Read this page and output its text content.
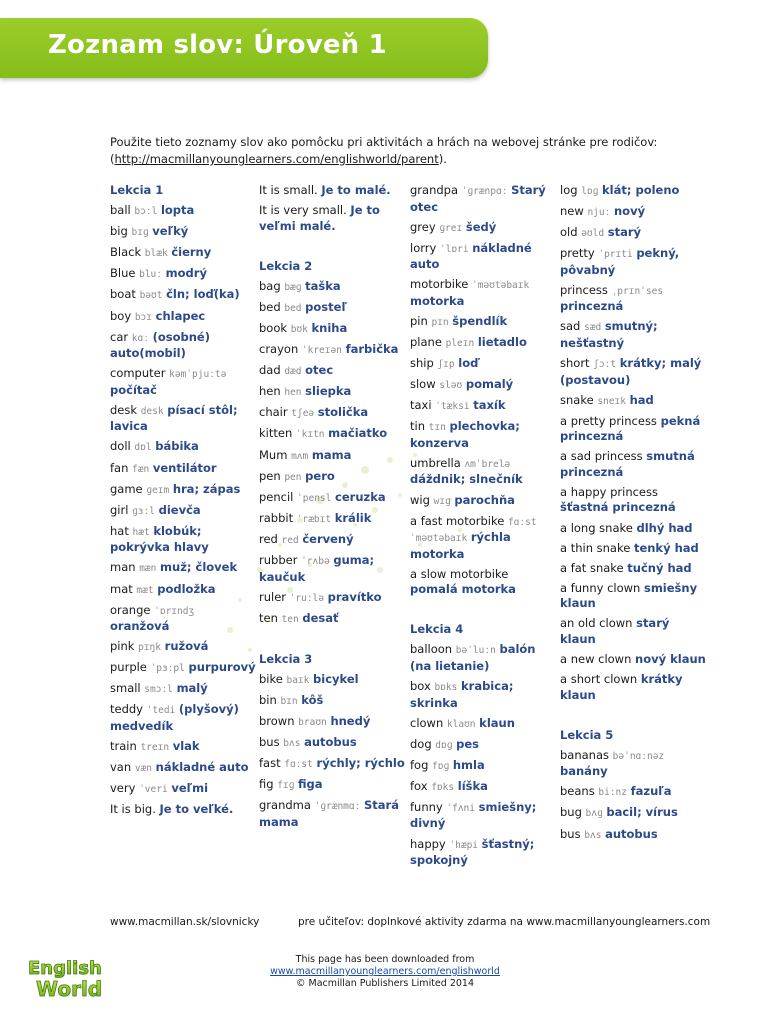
Zoznam slov: Úroveň 1
Použite tieto zoznamy slov ako pomôcku pri aktivitách a hrách na webovej stránke pre rodičov:
(http://macmillanyounglearners.com/englishworld/parent).
Lekcia 1
ball bɔːl lopta
big bɪɡ veľký
Black blæk čierny
Blue bluː modrý
boat bəʊt čln; loď(ka)
boy bɔɪ chlapec
car kɑː (osobné) auto(mobil)
computer kəmˈpjuːtə počítač
desk desk písací stôl; lavica
doll dɒl bábika
fan fæn ventilátor
game ɡeɪm hra; zápas
girl ɡɜːl dievča
hat hæt klobúk; pokrývka hlavy
man mæn muž; človek
mat mæt podložka
orange ˈɒrɪndʒ oranžová
pink pɪŋk ružová
purple ˈpɜːpl purpurový
small smɔːl malý
teddy ˈtedi (plyšový) medvedík
train treɪn vlak
van væn nákladné auto
very ˈveri veľmi
It is big. Je to veľké.
It is small. Je to malé.
It is very small. Je to veľmi malé.
Lekcia 2
bag bæɡ taška
bed bed posteľ
book bʊk kniha
crayon ˈkreɪən farbička
dad dæd otec
hen hen sliepka
chair tʃeə stolička
kitten ˈkɪtn mačiatko
Mum mʌm mama
pen pen pero
pencil ˈpensl ceruzka
rabbit ˈræbɪt králik
red red červený
rubber ˈrʌbə guma; kaučuk
ruler ˈruːlə pravítko
ten ten desať
Lekcia 3
bike baɪk bicykel
bin bɪn kôš
brown braʊn hnedý
bus bʌs autobus
fast fɑːst rýchly; rýchlo
fig fɪɡ figa
grandma ˈɡrænmɑː Stará mama
grandpa ˈɡrænpɑː Starý otec
grey ɡreɪ šedý
lorry ˈlɒri nákladné auto
motorbike ˈməʊtəbaɪk motorka
pin pɪn špendlík
plane pleɪn lietadlo
ship ʃɪp loď
slow sləʊ pomalý
taxi ˈtæksi taxík
tin tɪn plechovka; konzerva
umbrella ʌmˈbrelə dáždnik; slnečník
wig wɪɡ parochňa
a fast motorbike fɑːst ˈməʊtəbaɪk rýchla motorka
a slow motorbike pomalá motorka
Lekcia 4
balloon bəˈluːn balón (na lietanie)
box bɒks krabica; skrinka
clown klaʊn klaun
dog dɒɡ pes
fog fɒɡ hmla
fox fɒks líška
funny ˈfʌni smiešny; divný
happy ˈhæpi šťastný; spokojný
log lɒɡ klát; poleno
new njuː nový
old əʊld starý
pretty ˈprɪti pekný, pôvabný
princess ˌprɪnˈses princezná
sad sæd smutný; nešťastný
short ʃɔːt krátky; malý (postavou)
snake sneɪk had
a pretty princess pekná princezná
a sad princess smutná princezná
a happy princess šťastná princezná
a long snake dlhý had
a thin snake tenký had
a fat snake tučný had
a funny clown smiešny klaun
an old clown starý klaun
a new clown nový klaun
a short clown krátky klaun
Lekcia 5
bananas bəˈnɑːnəz banány
beans biːnz fazuľa
bug bʌɡ bacil; vírus
bus bʌs autobus
www.macmillan.sk/slovnicky	pre učiteľov: doplnkové aktivity zdarma na www.macmillanyounglearners.com
English
World
This page has been downloaded from
www.macmillanyounglearners.com/englishworld
© Macmillan Publishers Limited 2014
